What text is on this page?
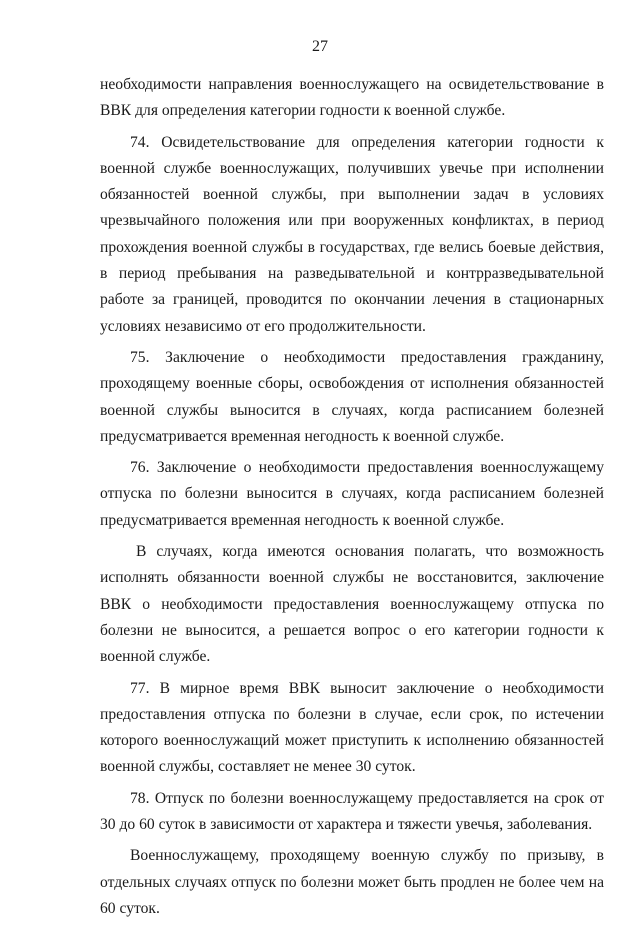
27

необходимости направления военнослужащего на освидетельствование в ВВК для определения категории годности к военной службе.

74. Освидетельствование для определения категории годности к военной службе военнослужащих, получивших увечье при исполнении обязанностей военной службы, при выполнении задач в условиях чрезвычайного положения или при вооруженных конфликтах, в период прохождения военной службы в государствах, где велись боевые действия, в период пребывания на разведывательной и контрразведывательной работе за границей, проводится по окончании лечения в стационарных условиях независимо от его продолжительности.

75. Заключение о необходимости предоставления гражданину, проходящему военные сборы, освобождения от исполнения обязанностей военной службы выносится в случаях, когда расписанием болезней предусматривается временная негодность к военной службе.

76. Заключение о необходимости предоставления военнослужащему отпуска по болезни выносится в случаях, когда расписанием болезней предусматривается временная негодность к военной службе.

В случаях, когда имеются основания полагать, что возможность исполнять обязанности военной службы не восстановится, заключение ВВК о необходимости предоставления военнослужащему отпуска по болезни не выносится, а решается вопрос о его категории годности к военной службе.

77. В мирное время ВВК выносит заключение о необходимости предоставления отпуска по болезни в случае, если срок, по истечении которого военнослужащий может приступить к исполнению обязанностей военной службы, составляет не менее 30 суток.

78. Отпуск по болезни военнослужащему предоставляется на срок от 30 до 60 суток в зависимости от характера и тяжести увечья, заболевания.

Военнослужащему, проходящему военную службу по призыву, в отдельных случаях отпуск по болезни может быть продлен не более чем на 60 суток.
